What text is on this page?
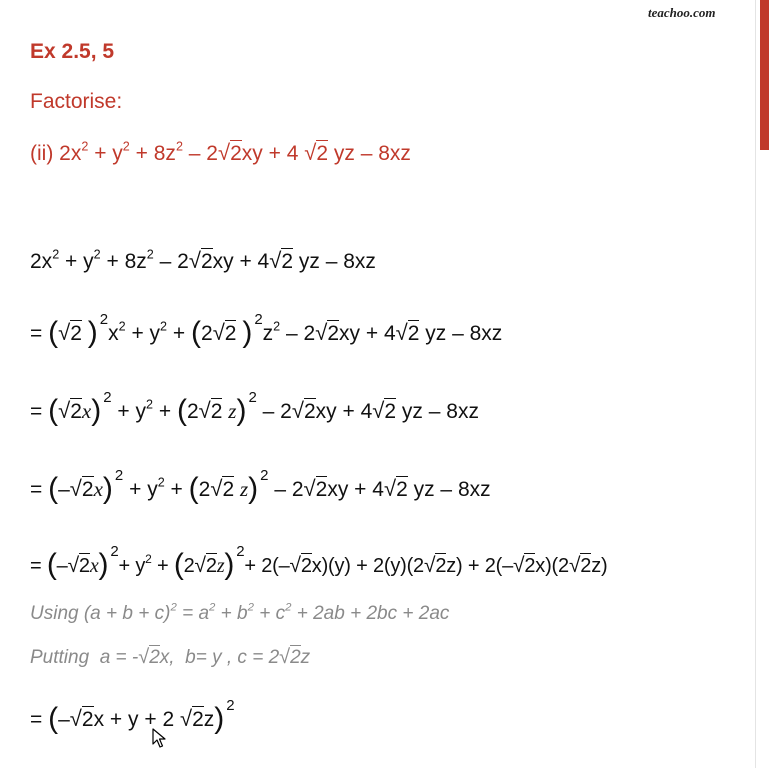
teachoo.com
Ex 2.5, 5
Factorise:
(ii) $2x^2 + y^2 + 8z^2 - 2√2xy + 4$ √2 yz – 8xz
$2x^2 + y^2 + 8z^2 - 2√2xy + 4√2$ yz – 8xz
= (√2 ) $^2x^2 + y^2 + (2√2$ ) $^2z^2 - 2√2xy + 4√2$ yz – 8xz
= (√2x) $^2 + y^2 + (2√2$ z) $^2$ – 2√2xy + 4√2 yz – 8xz
= (–√2x) $^2 + y^2 + (2√2$ z) $^2$ – 2√2xy + 4√2 yz – 8xz
= (–√2x) $^2+ y^2 + (2√2z)$ $^2$+ 2(–√2x)(y) + 2(y)(2√2z) + 2(–√2x)(2√2z)
Using $(a + b + c)^2 = a^2 + b^2 + c^2 + 2ab + 2bc + 2ac$
Putting  a = -√2x,  b= y , c = 2√2z
= (–√2x + y + 2 √2z) $^2$
